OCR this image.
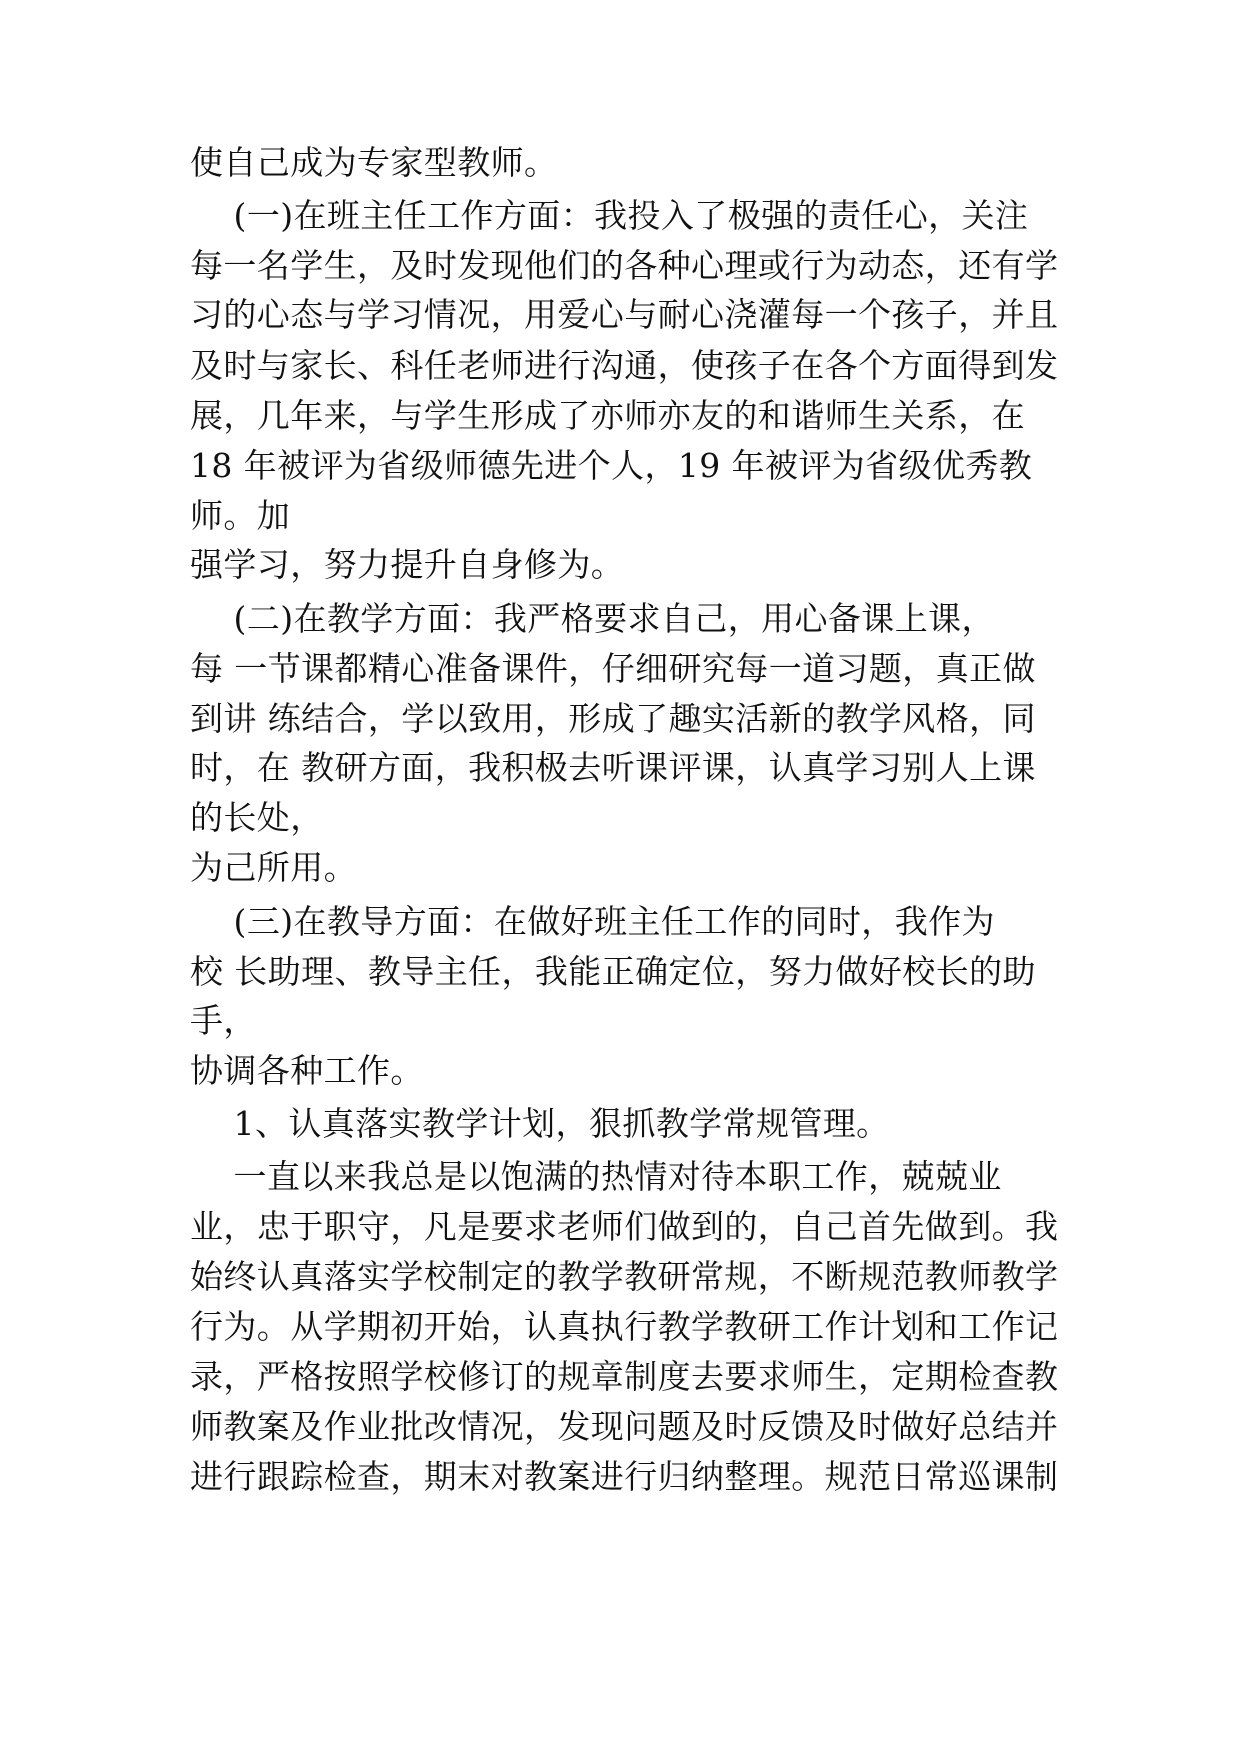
使自己成为专家型教师。
(一)在班主任工作方面：我投入了极强的责任心，关注
每一名学生，及时发现他们的各种心理或行为动态，还有学
习的心态与学习情况，用爱心与耐心浇灌每一个孩子，并且
及时与家长、科任老师进行沟通，使孩子在各个方面得到发
展，几年来，与学生形成了亦师亦友的和谐师生关系，在
18 年被评为省级师德先进个人，19 年被评为省级优秀教
师。加
强学习，努力提升自身修为。
(二)在教学方面：我严格要求自己，用心备课上课，
每 一节课都精心准备课件，仔细研究每一道习题，真正做
到讲 练结合，学以致用，形成了趣实活新的教学风格，同
时，在 教研方面，我积极去听课评课，认真学习别人上课
的长处，
为己所用。
(三)在教导方面：在做好班主任工作的同时，我作为
校 长助理、教导主任，我能正确定位，努力做好校长的助
手，
协调各种工作。
1、认真落实教学计划，狠抓教学常规管理。
一直以来我总是以饱满的热情对待本职工作，兢兢业
业，忠于职守，凡是要求老师们做到的，自己首先做到。我
始终认真落实学校制定的教学教研常规，不断规范教师教学
行为。从学期初开始，认真执行教学教研工作计划和工作记
录，严格按照学校修订的规章制度去要求师生，定期检查教
师教案及作业批改情况，发现问题及时反馈及时做好总结并
进行跟踪检查，期末对教案进行归纳整理。规范日常巡课制
